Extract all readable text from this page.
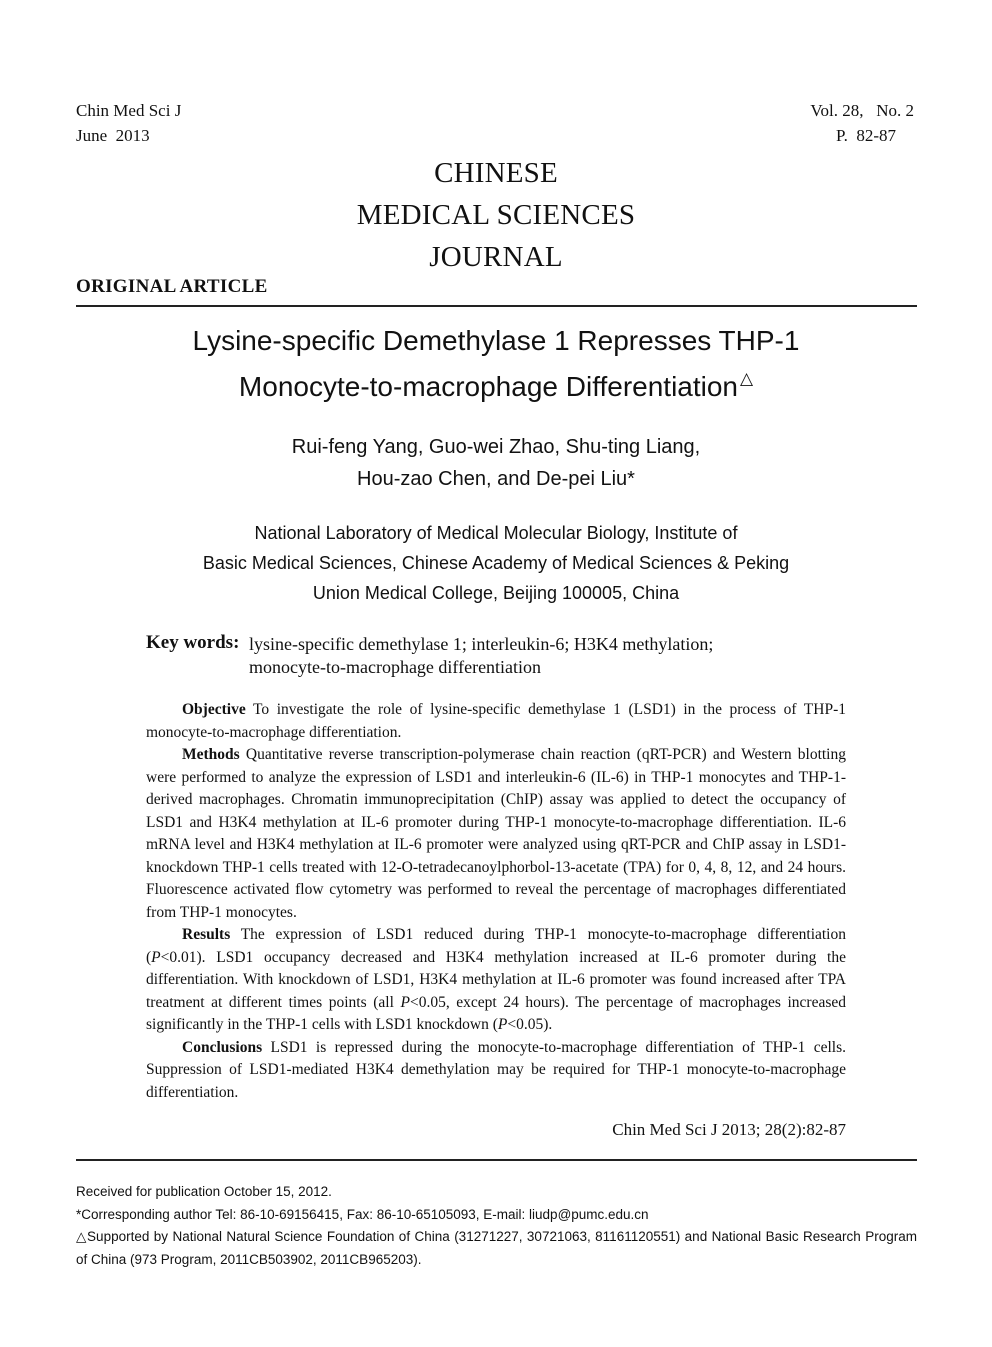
Chin Med Sci J
June  2013
Vol. 28,   No. 2
P.  82-87
CHINESE
MEDICAL SCIENCES
JOURNAL
ORIGINAL ARTICLE
Lysine-specific Demethylase 1 Represses THP-1
Monocyte-to-macrophage Differentiation △
Rui-feng Yang, Guo-wei Zhao, Shu-ting Liang,
Hou-zao Chen, and De-pei Liu*
National Laboratory of Medical Molecular Biology, Institute of
Basic Medical Sciences, Chinese Academy of Medical Sciences & Peking
Union Medical College, Beijing 100005, China
Key words: lysine-specific demethylase 1; interleukin-6; H3K4 methylation;
monocyte-to-macrophage differentiation

Objective To investigate the role of lysine-specific demethylase 1 (LSD1) in the process of THP-1 monocyte-to-macrophage differentiation.

Methods Quantitative reverse transcription-polymerase chain reaction (qRT-PCR) and Western blotting were performed to analyze the expression of LSD1 and interleukin-6 (IL-6) in THP-1 monocytes and THP-1-derived macrophages. Chromatin immunoprecipitation (ChIP) assay was applied to detect the occupancy of LSD1 and H3K4 methylation at IL-6 promoter during THP-1 monocyte-to-macrophage differentiation. IL-6 mRNA level and H3K4 methylation at IL-6 promoter were analyzed using qRT-PCR and ChIP assay in LSD1-knockdown THP-1 cells treated with 12-O-tetradecanoylphorbol-13-acetate (TPA) for 0, 4, 8, 12, and 24 hours. Fluorescence activated flow cytometry was performed to reveal the percentage of macrophages differentiated from THP-1 monocytes.

Results The expression of LSD1 reduced during THP-1 monocyte-to-macrophage differentiation (P<0.01). LSD1 occupancy decreased and H3K4 methylation increased at IL-6 promoter during the differentiation. With knockdown of LSD1, H3K4 methylation at IL-6 promoter was found increased after TPA treatment at different times points (all P<0.05, except 24 hours). The percentage of macrophages increased significantly in the THP-1 cells with LSD1 knockdown (P<0.05).

Conclusions LSD1 is repressed during the monocyte-to-macrophage differentiation of THP-1 cells. Suppression of LSD1-mediated H3K4 demethylation may be required for THP-1 monocyte-to-macrophage differentiation.

Chin Med Sci J 2013; 28(2):82-87

Received for publication October 15, 2012.

*Corresponding author Tel: 86-10-69156415, Fax: 86-10-65105093, E-mail: liudp@pumc.edu.cn

△Supported by National Natural Science Foundation of China (31271227, 30721063, 81161120551) and National Basic Research Program of China (973 Program, 2011CB503902, 2011CB965203).
